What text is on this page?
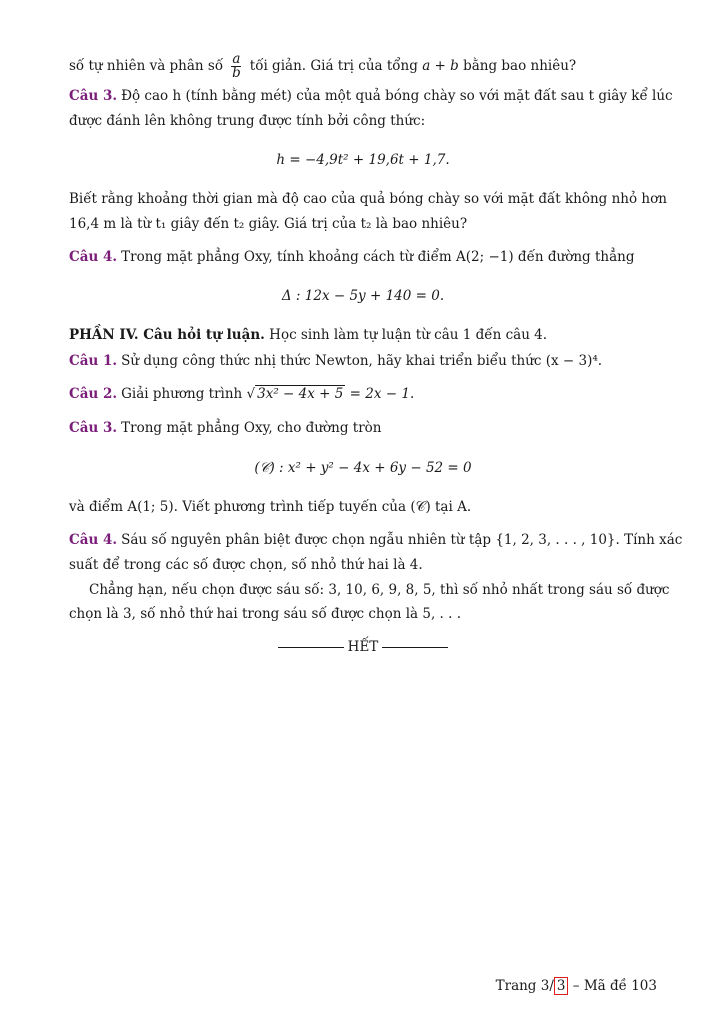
số tự nhiên và phân số $\frac{a}{b}$ tối giản. Giá trị của tổng a + b bằng bao nhiêu?
Câu 3. Độ cao h (tính bằng mét) của một quả bóng chày so với mặt đất sau t giây kể lúc
được đánh lên không trung được tính bởi công thức:
h = −4,9t² + 19,6t + 1,7.
Biết rằng khoảng thời gian mà độ cao của quả bóng chày so với mặt đất không nhỏ hơn
16,4 m là từ t₁ giây đến t₂ giây. Giá trị của t₂ là bao nhiêu?
Câu 4. Trong mặt phẳng Oxy, tính khoảng cách từ điểm A(2; −1) đến đường thẳng
Δ : 12x − 5y + 140 = 0.
PHẦN IV. Câu hỏi tự luận. Học sinh làm tự luận từ câu 1 đến câu 4.
Câu 1. Sử dụng công thức nhị thức Newton, hãy khai triển biểu thức (x − 3)⁴.
Câu 2. Giải phương trình √ 3x² − 4x + 5 = 2x − 1.
Câu 3. Trong mặt phẳng Oxy, cho đường tròn
(𝒞) : x² + y² − 4x + 6y − 52 = 0
và điểm A(1; 5). Viết phương trình tiếp tuyến của (𝒞) tại A.
Câu 4. Sáu số nguyên phân biệt được chọn ngẫu nhiên từ tập {1, 2, 3, . . . , 10}. Tính xác
suất để trong các số được chọn, số nhỏ thứ hai là 4.
Chẳng hạn, nếu chọn được sáu số: 3, 10, 6, 9, 8, 5, thì số nhỏ nhất trong sáu số được
chọn là 3, số nhỏ thứ hai trong sáu số được chọn là 5, . . .
HẾT
Trang 3/ 3 – Mã đề 103
